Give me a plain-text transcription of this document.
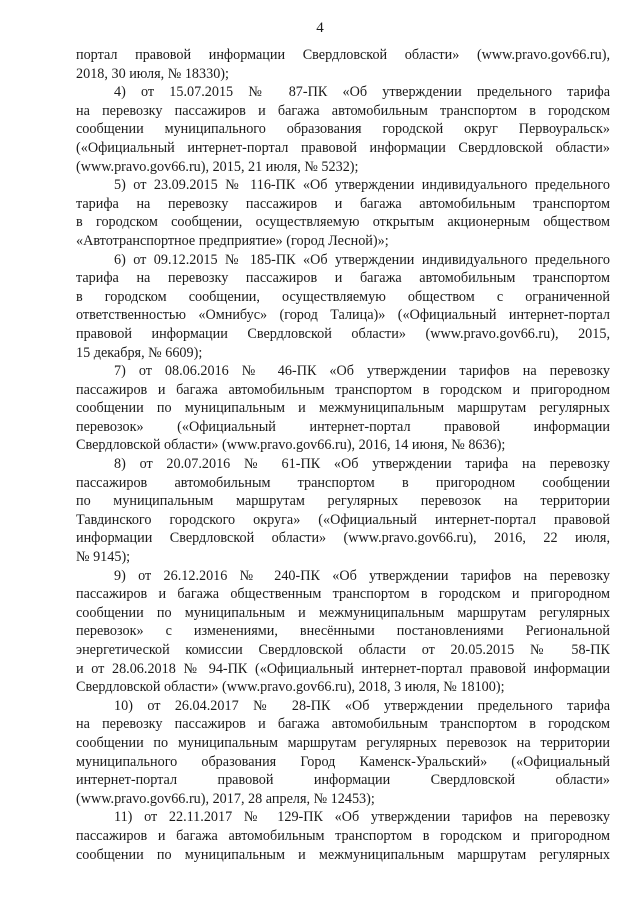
4
портал правовой информации Свердловской области» (www.pravo.gov66.ru),
2018, 30 июля, № 18330);
4) от 15.07.2015 № 87-ПК «Об утверждении предельного тарифа
на перевозку пассажиров и багажа автомобильным транспортом в городском
сообщении муниципального образования городской округ Первоуральск»
(«Официальный интернет-портал правовой информации Свердловской области»
(www.pravo.gov66.ru), 2015, 21 июля, № 5232);
5) от 23.09.2015 № 116-ПК «Об утверждении индивидуального предельного
тарифа на перевозку пассажиров и багажа автомобильным транспортом
в городском сообщении, осуществляемую открытым акционерным обществом
«Автотранспортное предприятие» (город Лесной)»;
6) от 09.12.2015 № 185-ПК «Об утверждении индивидуального предельного
тарифа на перевозку пассажиров и багажа автомобильным транспортом
в городском сообщении, осуществляемую обществом с ограниченной
ответственностью «Омнибус» (город Талица)» («Официальный интернет-портал
правовой информации Свердловской области» (www.pravo.gov66.ru), 2015,
15 декабря, № 6609);
7) от 08.06.2016 № 46-ПК «Об утверждении тарифов на перевозку
пассажиров и багажа автомобильным транспортом в городском и пригородном
сообщении по муниципальным и межмуниципальным маршрутам регулярных
перевозок» («Официальный интернет-портал правовой информации
Свердловской области» (www.pravo.gov66.ru), 2016, 14 июня, № 8636);
8) от 20.07.2016 № 61-ПК «Об утверждении тарифа на перевозку
пассажиров автомобильным транспортом в пригородном сообщении
по муниципальным маршрутам регулярных перевозок на территории
Тавдинского городского округа» («Официальный интернет-портал правовой
информации Свердловской области» (www.pravo.gov66.ru), 2016, 22 июля,
№ 9145);
9) от 26.12.2016 № 240-ПК «Об утверждении тарифов на перевозку
пассажиров и багажа общественным транспортом в городском и пригородном
сообщении по муниципальным и межмуниципальным маршрутам регулярных
перевозок» с изменениями, внесёнными постановлениями Региональной
энергетической комиссии Свердловской области от 20.05.2015 № 58-ПК
и от 28.06.2018 № 94-ПК («Официальный интернет-портал правовой информации
Свердловской области» (www.pravo.gov66.ru), 2018, 3 июля, № 18100);
10) от 26.04.2017 № 28-ПК «Об утверждении предельного тарифа
на перевозку пассажиров и багажа автомобильным транспортом в городском
сообщении по муниципальным маршрутам регулярных перевозок на территории
муниципального образования Город Каменск-Уральский» («Официальный
интернет-портал правовой информации Свердловской области»
(www.pravo.gov66.ru), 2017, 28 апреля, № 12453);
11) от 22.11.2017 № 129-ПК «Об утверждении тарифов на перевозку
пассажиров и багажа автомобильным транспортом в городском и пригородном
сообщении по муниципальным и межмуниципальным маршрутам регулярных
